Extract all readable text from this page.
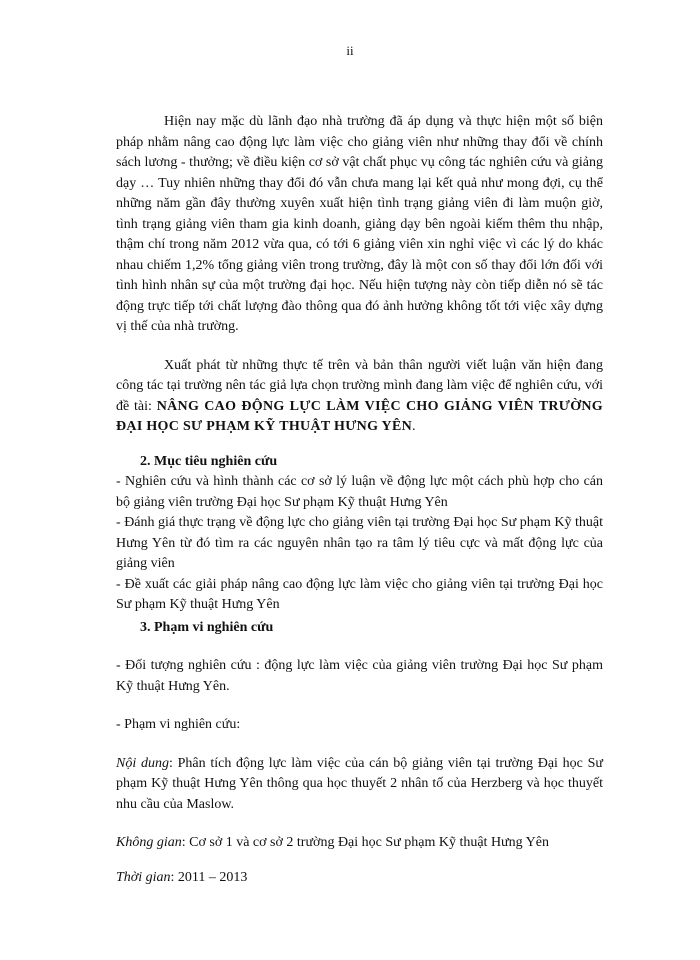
ii

Hiện nay mặc dù lãnh đạo nhà trường đã áp dụng và thực hiện một số biện pháp nhằm nâng cao động lực làm việc cho giảng viên như những thay đổi về chính sách lương - thưởng; về điều kiện cơ sở vật chất phục vụ công tác nghiên cứu và giảng dạy … Tuy nhiên những thay đổi đó vẫn chưa mang lại kết quả như mong đợi, cụ thể những năm gần đây thường xuyên xuất hiện tình trạng giảng viên đi làm muộn giờ, tình trạng giảng viên tham gia kinh doanh, giảng dạy bên ngoài kiếm thêm thu nhập, thậm chí trong năm 2012 vừa qua, có tới 6 giảng viên xin nghỉ việc vì các lý do khác nhau chiếm 1,2% tổng giảng viên trong trường, đây là một con số thay đổi lớn đối với tình hình nhân sự của một trường đại học. Nếu hiện tượng này còn tiếp diễn nó sẽ tác động trực tiếp tới chất lượng đào thông qua đó ảnh hưởng không tốt tới việc xây dựng vị thế của nhà trường.

Xuất phát từ những thực tế trên và bản thân người viết luận văn hiện đang công tác tại trường nên tác giả lựa chọn trường mình đang làm việc để nghiên cứu, với đề tài: NÂNG CAO ĐỘNG LỰC LÀM VIỆC CHO GIẢNG VIÊN TRƯỜNG ĐẠI HỌC SƯ PHẠM KỸ THUẬT HƯNG YÊN.

2. Mục tiêu nghiên cứu

- Nghiên cứu và hình thành các cơ sở lý luận về động lực một cách phù hợp cho cán bộ giảng viên trường Đại học Sư phạm Kỹ thuật Hưng Yên

- Đánh giá thực trạng về động lực cho giảng viên tại trường Đại học Sư phạm Kỹ thuật Hưng Yên từ đó tìm ra các nguyên nhân tạo ra tâm lý tiêu cực và mất động lực của giảng viên

- Đề xuất các giải pháp nâng cao động lực làm việc cho giảng viên tại trường Đại học Sư phạm Kỹ thuật Hưng Yên

3. Phạm vi nghiên cứu

- Đối tượng nghiên cứu : động lực làm việc của giảng viên trường Đại học Sư phạm Kỹ thuật Hưng Yên.

- Phạm vi nghiên cứu:

Nội dung: Phân tích động lực làm việc của cán bộ giảng viên tại trường Đại học Sư phạm Kỹ thuật Hưng Yên thông qua học thuyết 2 nhân tố của Herzberg và học thuyết nhu cầu của Maslow.

Không gian: Cơ sở 1 và cơ sở 2 trường Đại học Sư phạm Kỹ thuật Hưng Yên

Thời gian: 2011 – 2013
